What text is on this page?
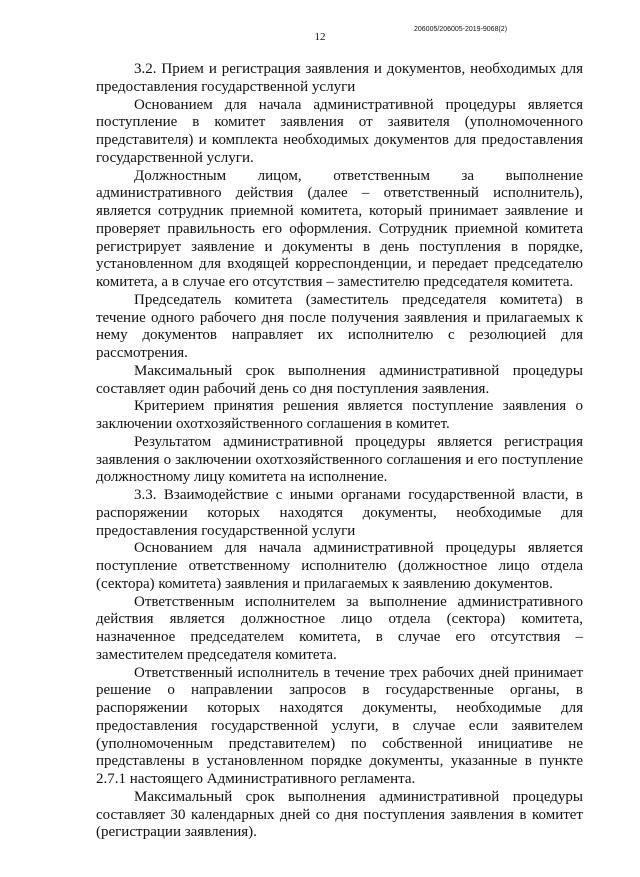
206005/206005-2019-9068(2)
12

3.2. Прием и регистрация заявления и документов, необходимых для предоставления государственной услуги

Основанием для начала административной процедуры является поступление в комитет заявления от заявителя (уполномоченного представителя) и комплекта необходимых документов для предоставления государственной услуги.

Должностным лицом, ответственным за выполнение административного действия (далее – ответственный исполнитель), является сотрудник приемной комитета, который принимает заявление и проверяет правильность его оформления. Сотрудник приемной комитета регистрирует заявление и документы в день поступления в порядке, установленном для входящей корреспонденции, и передает председателю комитета, а в случае его отсутствия – заместителю председателя комитета.

Председатель комитета (заместитель председателя комитета) в течение одного рабочего дня после получения заявления и прилагаемых к нему документов направляет их исполнителю с резолюцией для рассмотрения.

Максимальный срок выполнения административной процедуры составляет один рабочий день со дня поступления заявления.

Критерием принятия решения является поступление заявления о заключении охотхозяйственного соглашения в комитет.

Результатом административной процедуры является регистрация заявления о заключении охотхозяйственного соглашения и его поступление должностному лицу комитета на исполнение.

3.3. Взаимодействие с иными органами государственной власти, в распоряжении которых находятся документы, необходимые для предоставления государственной услуги

Основанием для начала административной процедуры является поступление ответственному исполнителю (должностное лицо отдела (сектора) комитета) заявления и прилагаемых к заявлению документов.

Ответственным исполнителем за выполнение административного действия является должностное лицо отдела (сектора) комитета, назначенное председателем комитета, в случае его отсутствия – заместителем председателя комитета.

Ответственный исполнитель в течение трех рабочих дней принимает решение о направлении запросов в государственные органы, в распоряжении которых находятся документы, необходимые для предоставления государственной услуги, в случае если заявителем (уполномоченным представителем) по собственной инициативе не представлены в установленном порядке документы, указанные в пункте 2.7.1 настоящего Административного регламента.

Максимальный срок выполнения административной процедуры составляет 30 календарных дней со дня поступления заявления в комитет (регистрации заявления).
